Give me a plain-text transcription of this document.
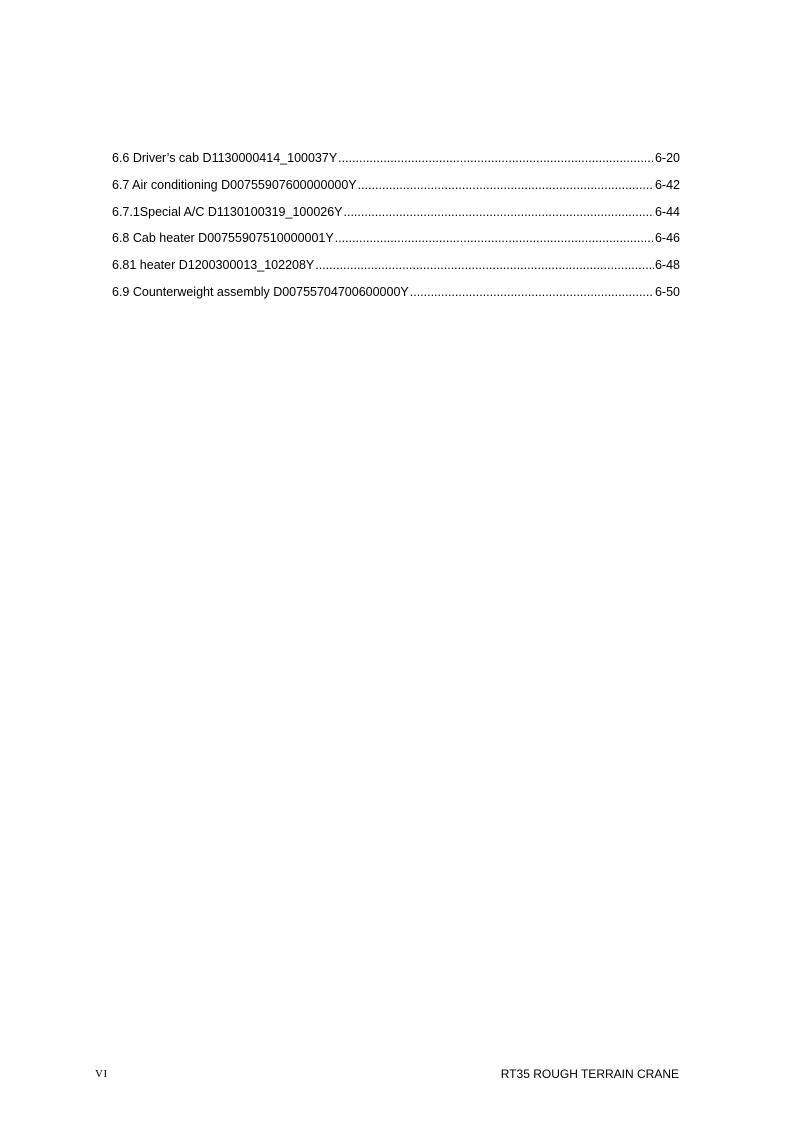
6.6 Driver’s cab D1130000414_100037Y .....	6-20
6.7 Air conditioning D00755907600000000Y .....	6-42
6.7.1Special A/C D1130100319_100026Y .....	6-44
6.8 Cab heater D00755907510000001Y .....	6-46
6.81 heater D1200300013_102208Y .....	6-48
6.9 Counterweight assembly D00755704700600000Y .....	6-50
VI	RT35 ROUGH TERRAIN CRANE
